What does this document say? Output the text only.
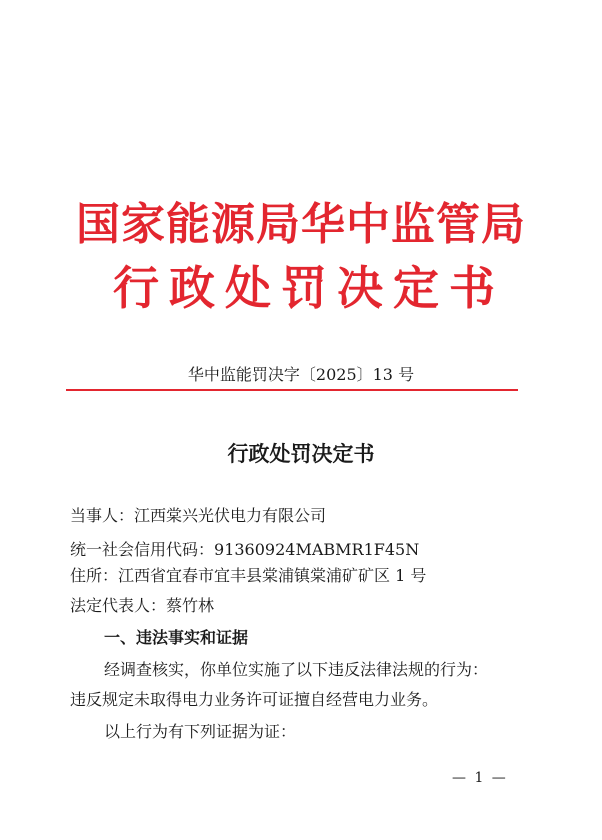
国家能源局华中监管局
行政处罚决定书
华中监能罚决字〔2025〕13 号
行政处罚决定书
当事人：江西棠兴光伏电力有限公司
统一社会信用代码：91360924MABMR1F45N
住所：江西省宜春市宜丰县棠浦镇棠浦矿矿区 1 号
法定代表人：蔡竹林
一、违法事实和证据
经调查核实，你单位实施了以下违反法律法规的行为：
违反规定未取得电力业务许可证擅自经营电力业务。
以上行为有下列证据为证：
— 1 —
